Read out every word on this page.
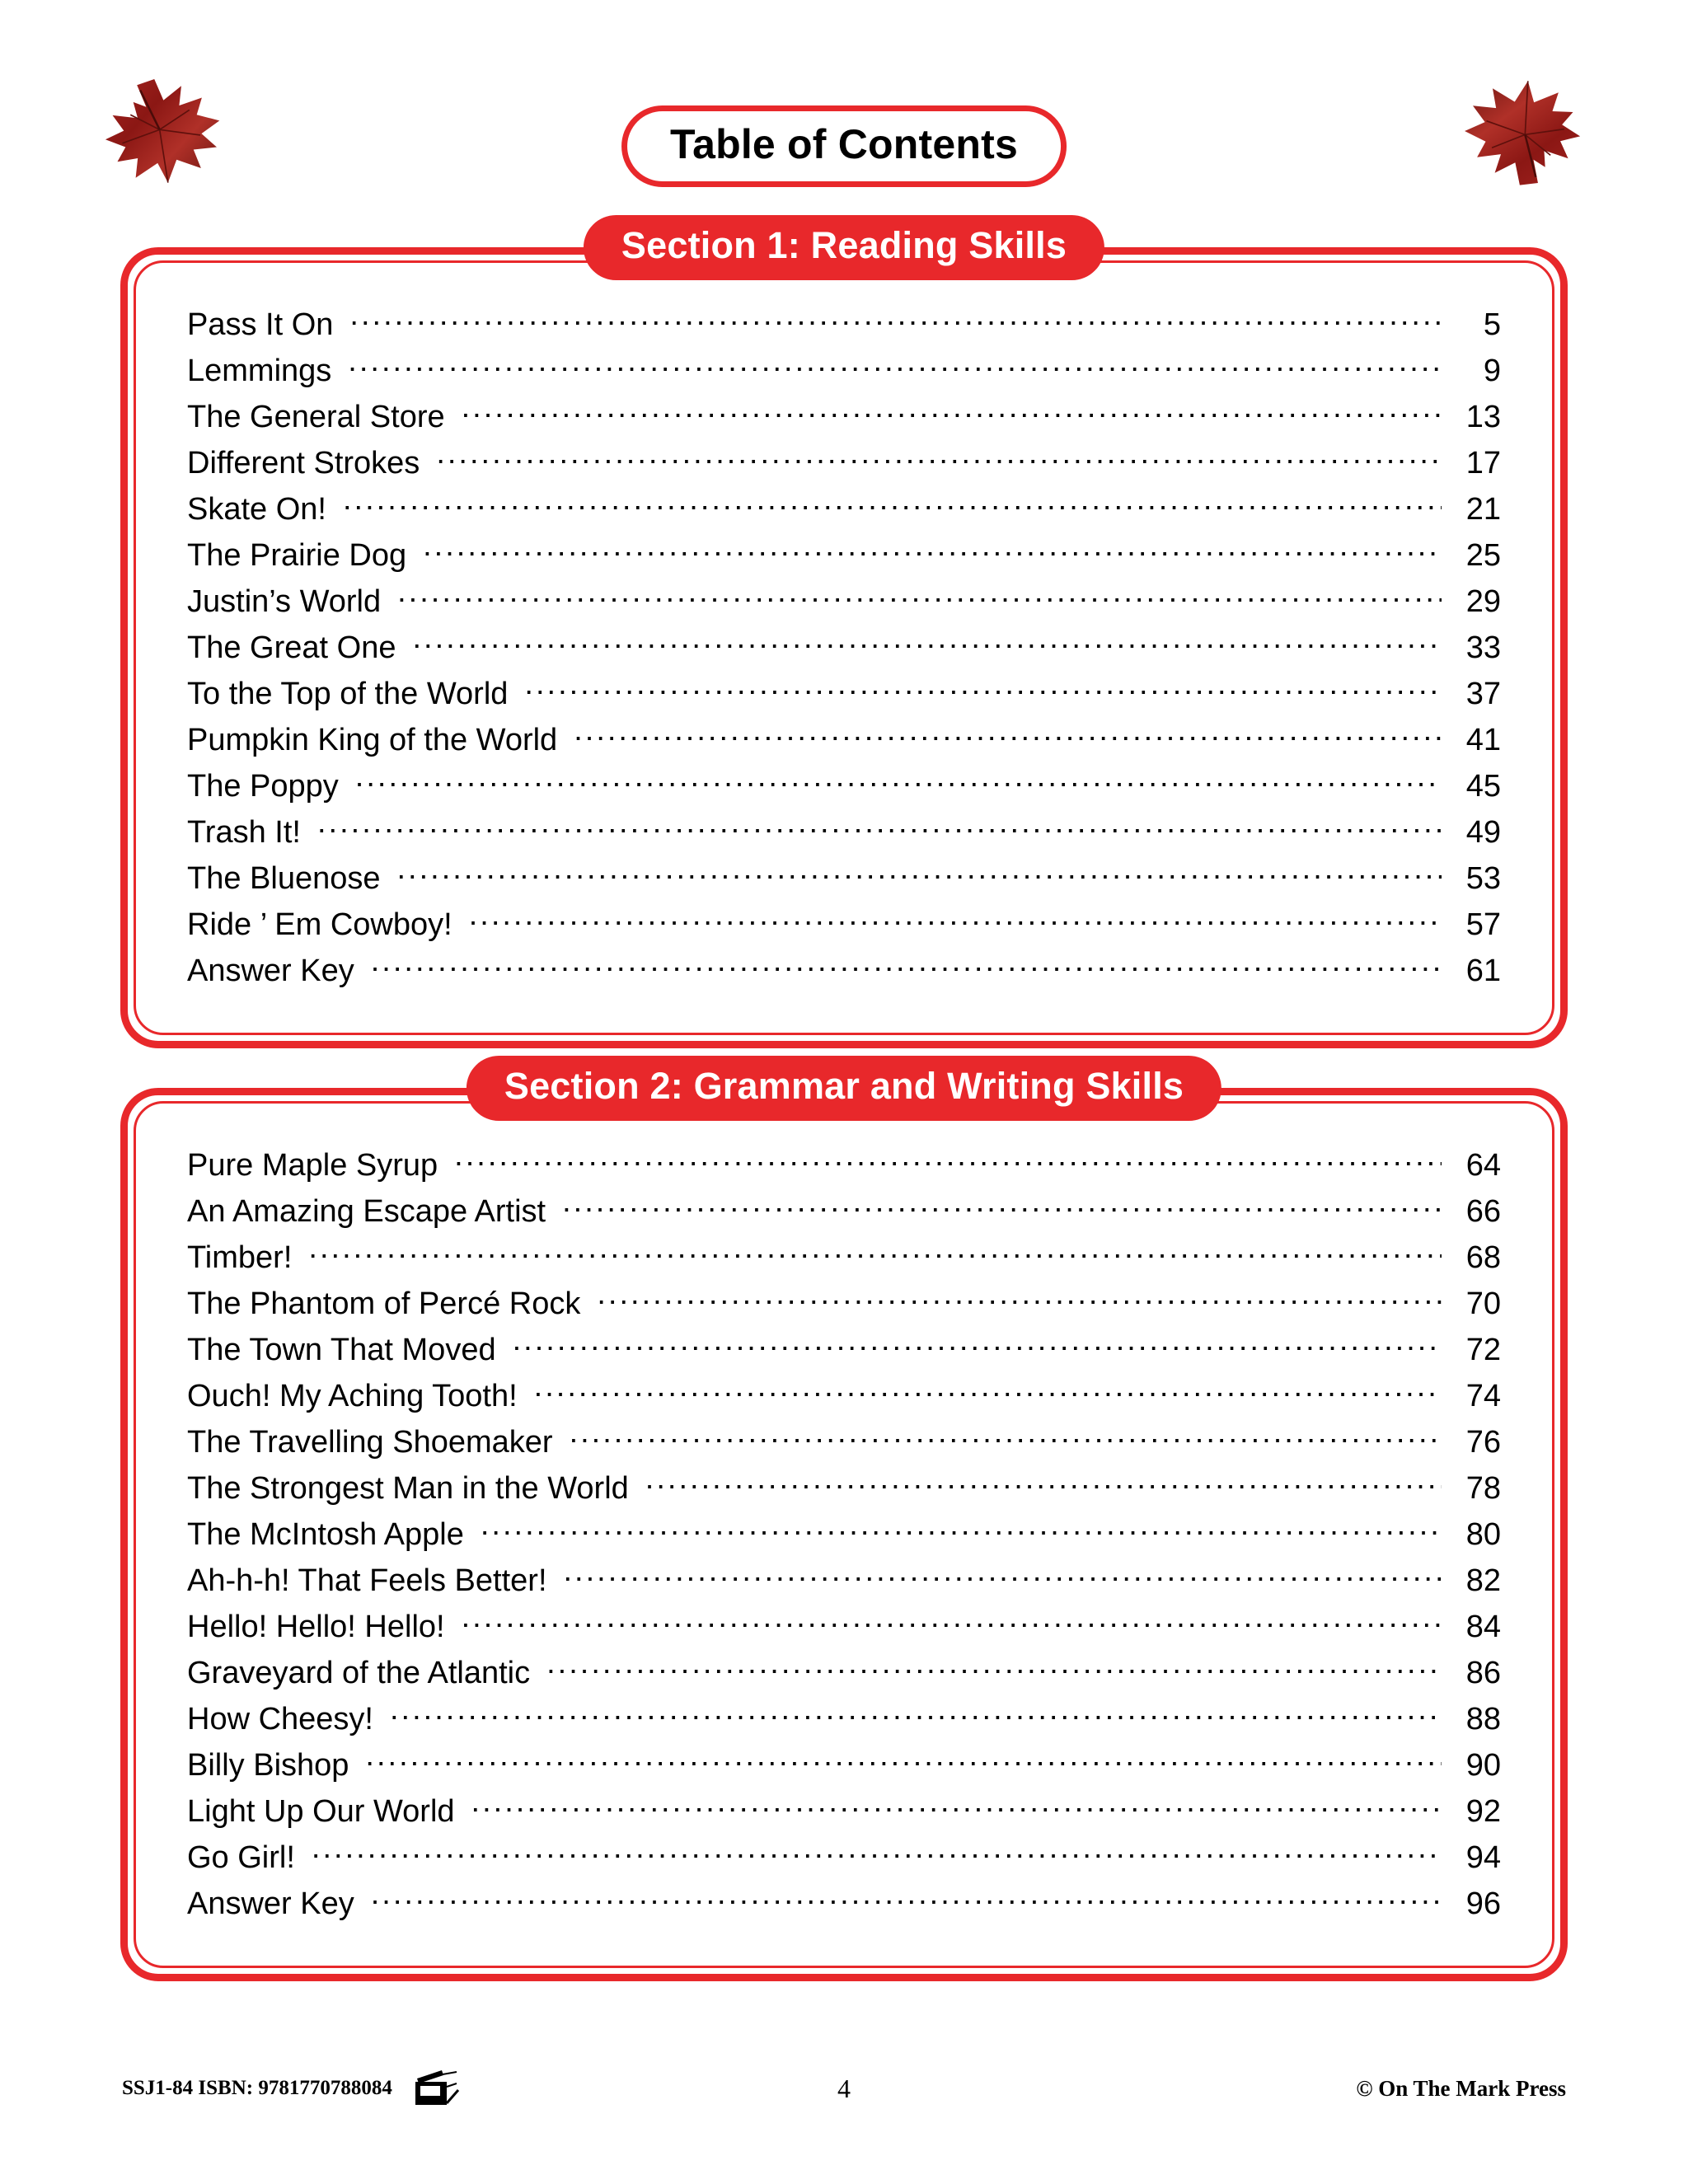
Table of Contents
Section 1: Reading Skills
Pass It On .....	5
Lemmings .....	9
The General Store .....	13
Different Strokes .....	17
Skate On! .....	21
The Prairie Dog .....	25
Justin’s World .....	29
The Great One .....	33
To the Top of the World .....	37
Pumpkin King of the World .....	41
The Poppy .....	45
Trash It! .....	49
The Bluenose .....	53
Ride ’ Em Cowboy! .....	57
Answer Key .....	61
Section 2: Grammar and Writing Skills
Pure Maple Syrup .....	64
An Amazing Escape Artist .....	66
Timber! .....	68
The Phantom of Percé Rock .....	70
The Town That Moved .....	72
Ouch! My Aching Tooth! .....	74
The Travelling Shoemaker .....	76
The Strongest Man in the World .....	78
The McIntosh Apple .....	80
Ah-h-h! That Feels Better! .....	82
Hello! Hello! Hello! .....	84
Graveyard of the Atlantic .....	86
How Cheesy! .....	88
Billy Bishop .....	90
Light Up Our World .....	92
Go Girl! .....	94
Answer Key .....	96
SSJ1-84 ISBN: 9781770788084	4	© On The Mark Press
